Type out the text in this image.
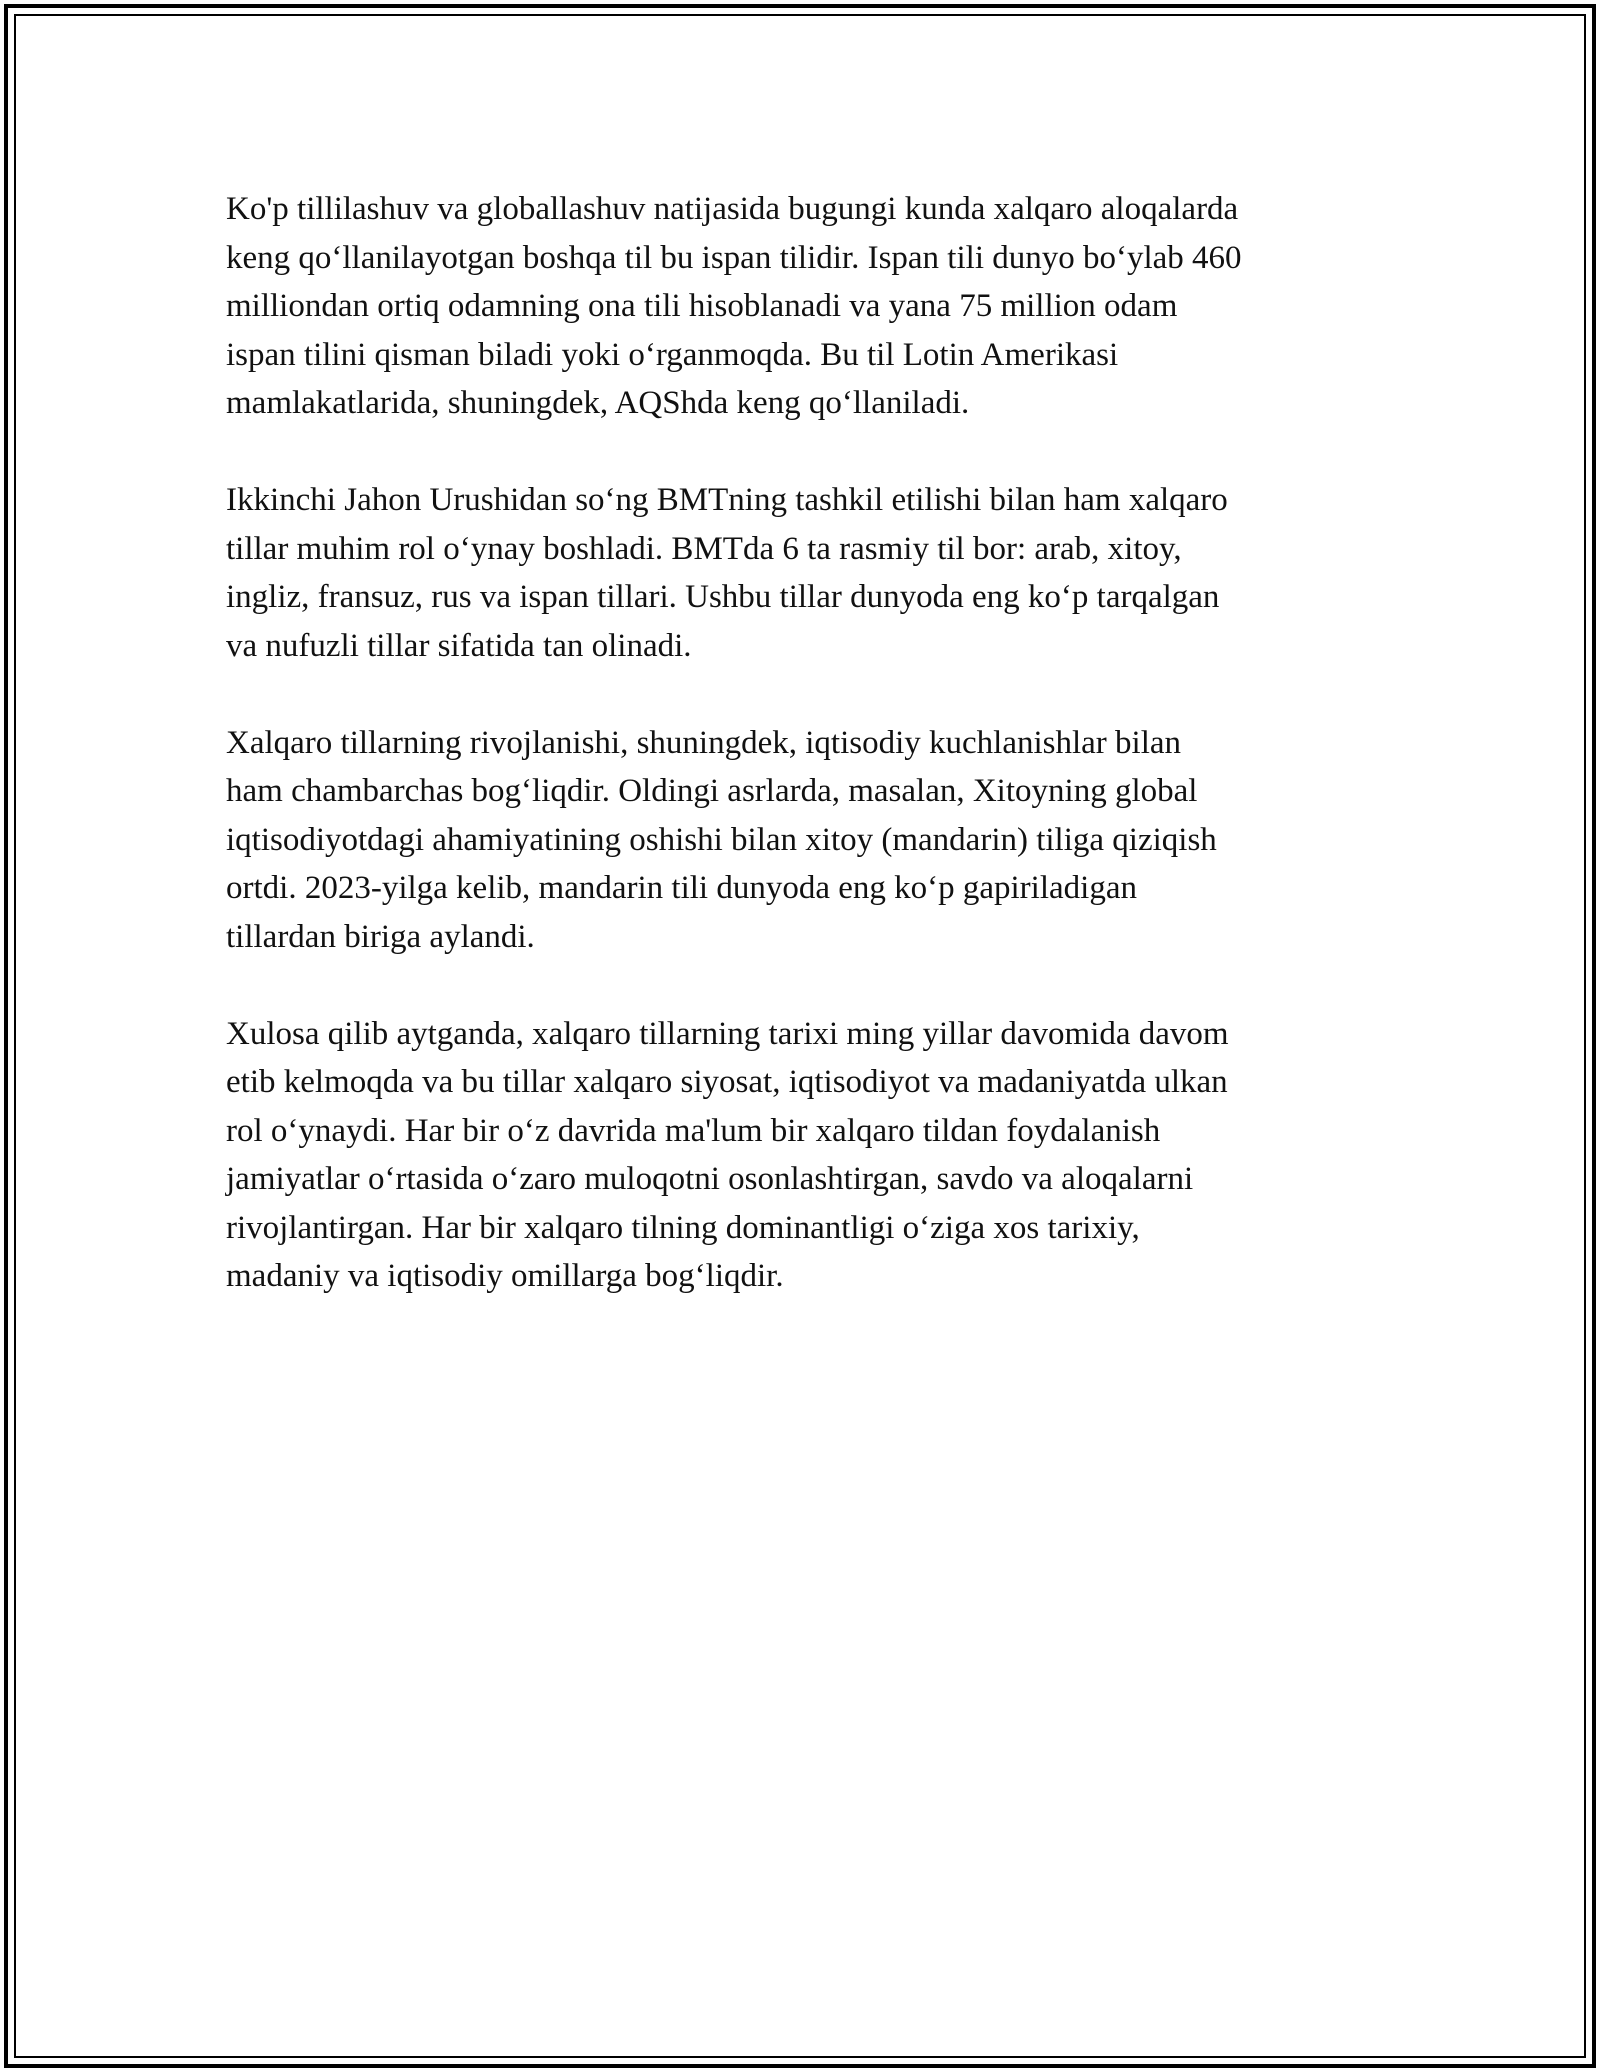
Ko'p tillilashuv va globallashuv natijasida bugungi kunda xalqaro aloqalarda
keng qo‘llanilayotgan boshqa til bu ispan tilidir. Ispan tili dunyo bo‘ylab 460
milliondan ortiq odamning ona tili hisoblanadi va yana 75 million odam
ispan tilini qisman biladi yoki o‘rganmoqda. Bu til Lotin Amerikasi
mamlakatlarida, shuningdek, AQShda keng qo‘llaniladi.

Ikkinchi Jahon Urushidan so‘ng BMTning tashkil etilishi bilan ham xalqaro
tillar muhim rol o‘ynay boshladi. BMTda 6 ta rasmiy til bor: arab, xitoy,
ingliz, fransuz, rus va ispan tillari. Ushbu tillar dunyoda eng ko‘p tarqalgan
va nufuzli tillar sifatida tan olinadi.

Xalqaro tillarning rivojlanishi, shuningdek, iqtisodiy kuchlanishlar bilan
ham chambarchas bog‘liqdir. Oldingi asrlarda, masalan, Xitoyning global
iqtisodiyotdagi ahamiyatining oshishi bilan xitoy (mandarin) tiliga qiziqish
ortdi. 2023-yilga kelib, mandarin tili dunyoda eng ko‘p gapiriladigan
tillardan biriga aylandi.

Xulosa qilib aytganda, xalqaro tillarning tarixi ming yillar davomida davom
etib kelmoqda va bu tillar xalqaro siyosat, iqtisodiyot va madaniyatda ulkan
rol o‘ynaydi. Har bir o‘z davrida ma'lum bir xalqaro tildan foydalanish
jamiyatlar o‘rtasida o‘zaro muloqotni osonlashtirgan, savdo va aloqalarni
rivojlantirgan. Har bir xalqaro tilning dominantligi o‘ziga xos tarixiy,
madaniy va iqtisodiy omillarga bog‘liqdir.
